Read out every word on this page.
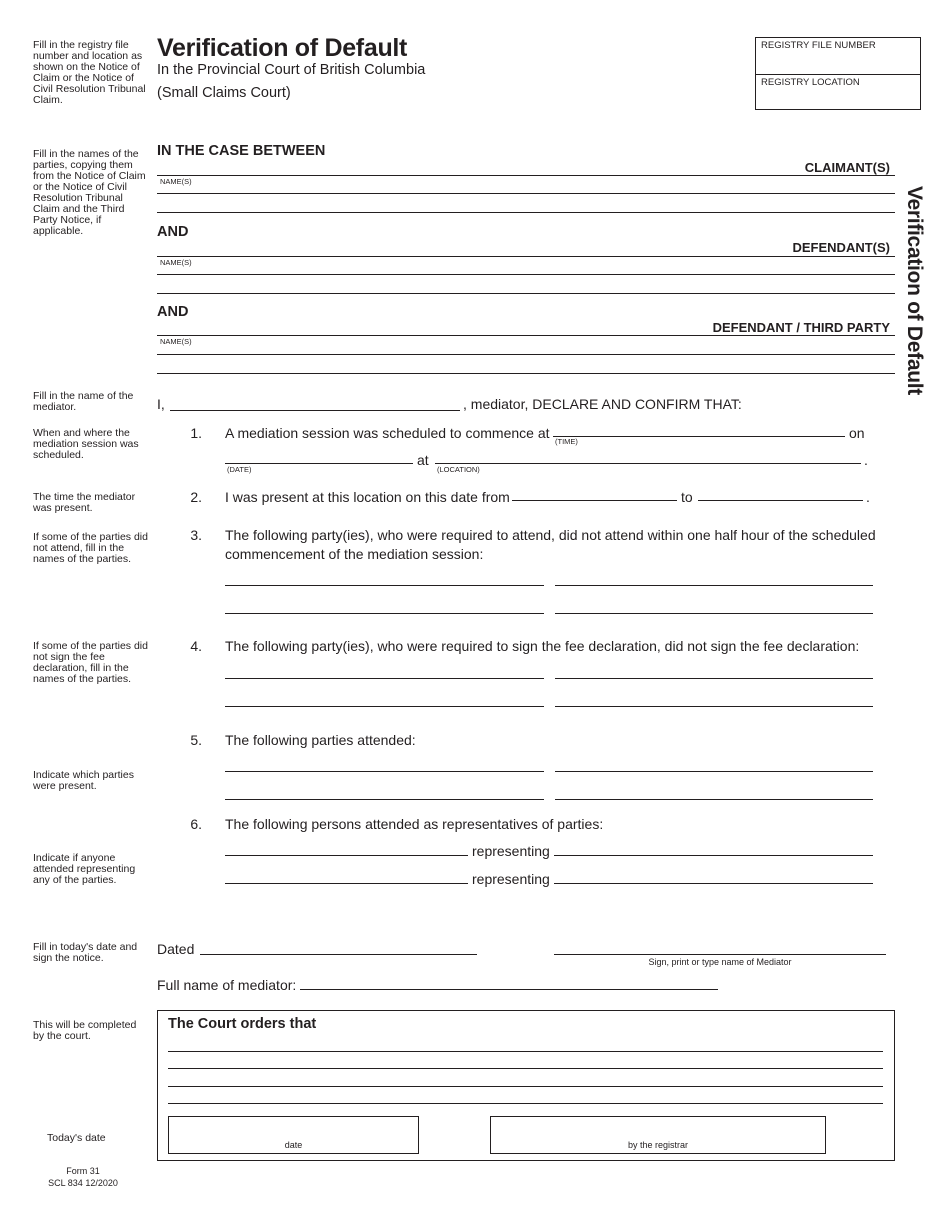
Fill in the registry file number and location as shown on the Notice of Claim or the Notice of Civil Resolution Tribunal Claim.
Verification of Default
In the Provincial Court of British Columbia
(Small Claims Court)
REGISTRY FILE NUMBER
REGISTRY LOCATION
Fill in the names of the parties, copying them from the Notice of Claim or the Notice of Civil Resolution Tribunal Claim and the Third Party Notice, if applicable.
IN THE CASE BETWEEN
CLAIMANT(S)
NAME(S)
AND
DEFENDANT(S)
NAME(S)
AND
DEFENDANT / THIRD PARTY
NAME(S)	Verification of Default
Fill in the name of the mediator.	I,	, mediator, DECLARE AND CONFIRM THAT:
When and where the mediation session was scheduled.
1. A mediation session was scheduled to commence at
(TIME)
on
(DATE)
at
(LOCATION)
.
The time the mediator was present.
2. I was present at this location on this date from	to	.
If some of the parties did not attend, fill in the names of the parties.
3. The following party(ies), who were required to attend, did not attend within one half hour of the scheduled
commencement of the mediation session:
If some of the parties did not sign the fee declaration, fill in the names of the parties.
4. The following party(ies), who were required to sign the fee declaration, did not sign the fee declaration:
5. The following parties attended:
Indicate which parties were present.
6. The following persons attended as representatives of parties:
Indicate if anyone attended representing any of the parties.
representing
representing
Fill in today's date and sign the notice.
Dated
Sign, print or type name of Mediator
Full name of mediator:
This will be completed by the court.
The Court orders that
date	by the registrar
Today's date
Form 31
SCL 834 12/2020
